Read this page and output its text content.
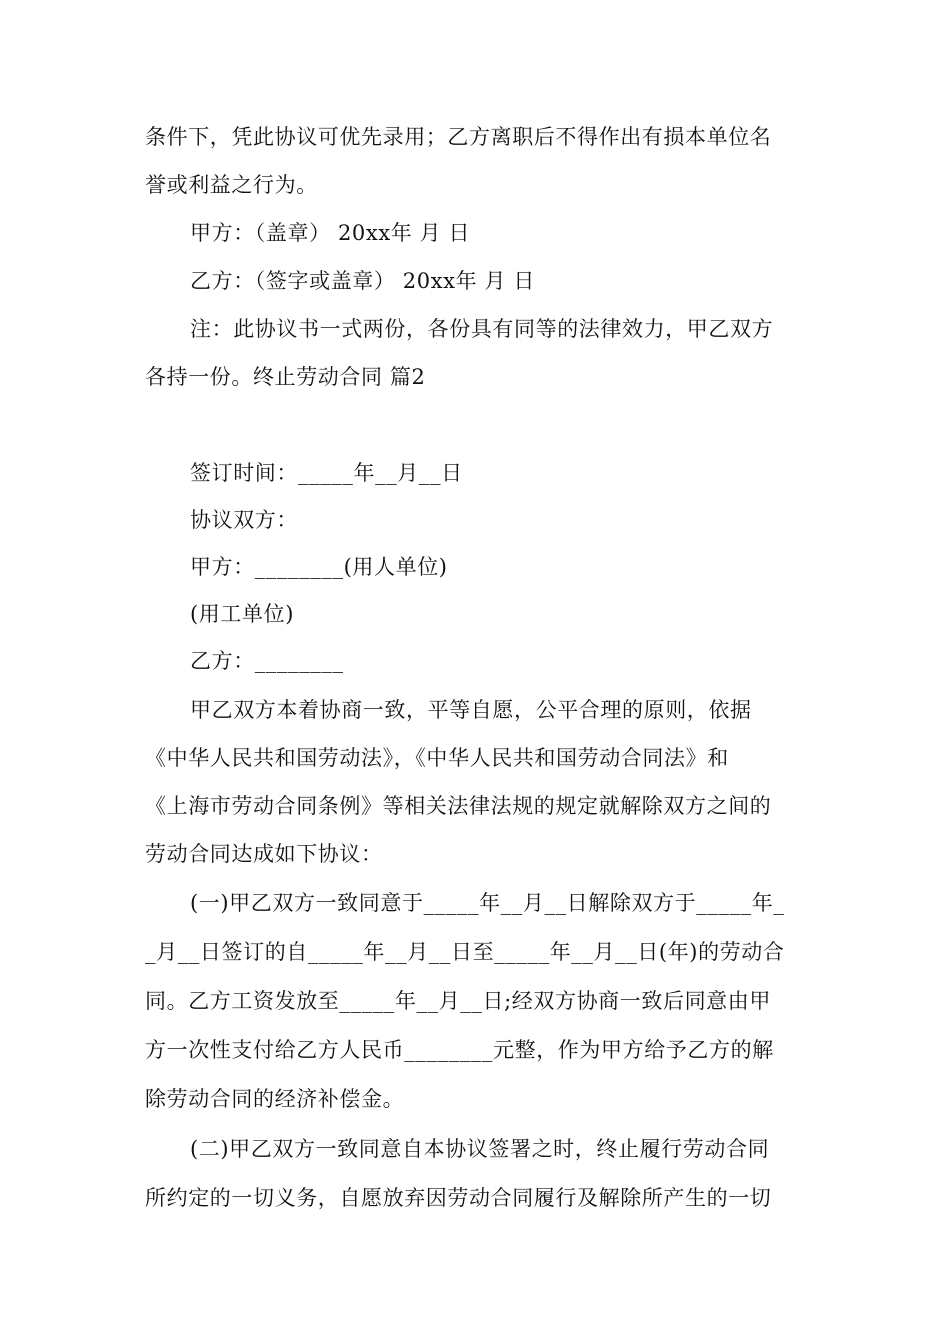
条件下，凭此协议可优先录用；乙方离职后不得作出有损本单位名
誉或利益之行为。
甲方：（盖章） 20xx年 月 日
乙方：（签字或盖章） 20xx年 月 日
注：此协议书一式两份，各份具有同等的法律效力，甲乙双方
各持一份。终止劳动合同 篇2
签订时间：_____年__月__日
协议双方：
甲方：________(用人单位)
(用工单位)
乙方：________
甲乙双方本着协商一致，平等自愿，公平合理的原则，依据
《中华人民共和国劳动法》，《中华人民共和国劳动合同法》和
《上海市劳动合同条例》等相关法律法规的规定就解除双方之间的
劳动合同达成如下协议：
(一)甲乙双方一致同意于_____年__月__日解除双方于_____年_
_月__日签订的自_____年__月__日至_____年__月__日(年)的劳动合
同。乙方工资发放至_____年__月__日;经双方协商一致后同意由甲
方一次性支付给乙方人民币________元整，作为甲方给予乙方的解
除劳动合同的经济补偿金。
(二)甲乙双方一致同意自本协议签署之时，终止履行劳动合同
所约定的一切义务，自愿放弃因劳动合同履行及解除所产生的一切
